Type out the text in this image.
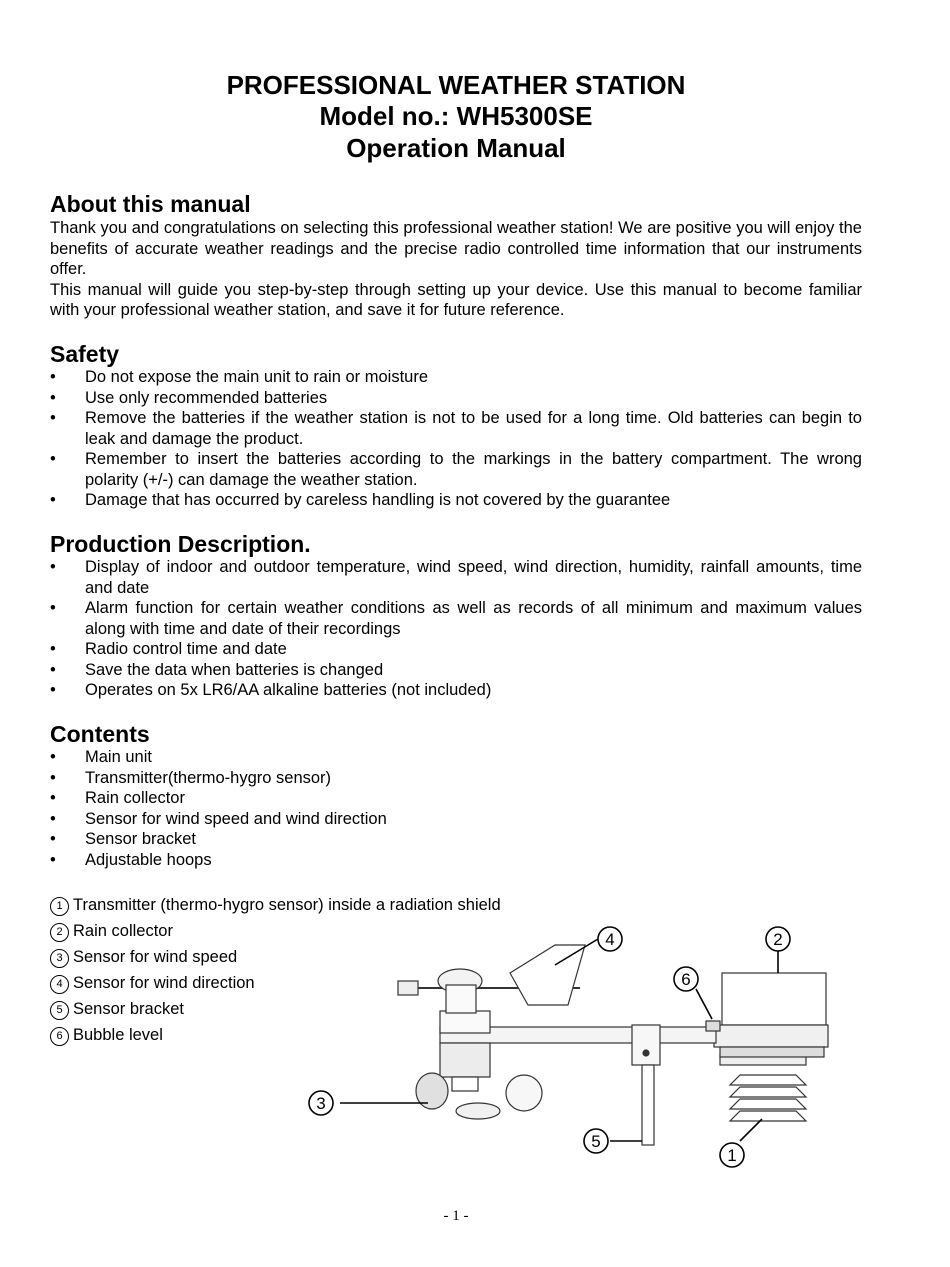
PROFESSIONAL WEATHER STATION
Model no.: WH5300SE
Operation Manual
About this manual
Thank you and congratulations on selecting this professional weather station! We are positive you will enjoy the benefits of accurate weather readings and the precise radio controlled time information that our instruments offer.
This manual will guide you step-by-step through setting up your device. Use this manual to become familiar with your professional weather station, and save it for future reference.
Safety
• Do not expose the main unit to rain or moisture
• Use only recommended batteries
• Remove the batteries if the weather station is not to be used for a long time. Old batteries can begin to leak and damage the product.
• Remember to insert the batteries according to the markings in the battery compartment. The wrong polarity (+/-) can damage the weather station.
• Damage that has occurred by careless handling is not covered by the guarantee
Production Description.
• Display of indoor and outdoor temperature, wind speed, wind direction, humidity, rainfall amounts, time and date
• Alarm function for certain weather conditions as well as records of all minimum and maximum values along with time and date of their recordings
• Radio control time and date
• Save the data when batteries is changed
• Operates on 5x LR6/AA alkaline batteries (not included)
Contents
• Main unit
• Transmitter(thermo-hygro sensor)
• Rain collector
• Sensor for wind speed and wind direction
• Sensor bracket
• Adjustable hoops
1 Transmitter (thermo-hygro sensor) inside a radiation shield
2 Rain collector
3 Sensor for wind speed
4 Sensor for wind direction
5 Sensor bracket
6 Bubble level
4	2
6
3
5
1
- 1 -
